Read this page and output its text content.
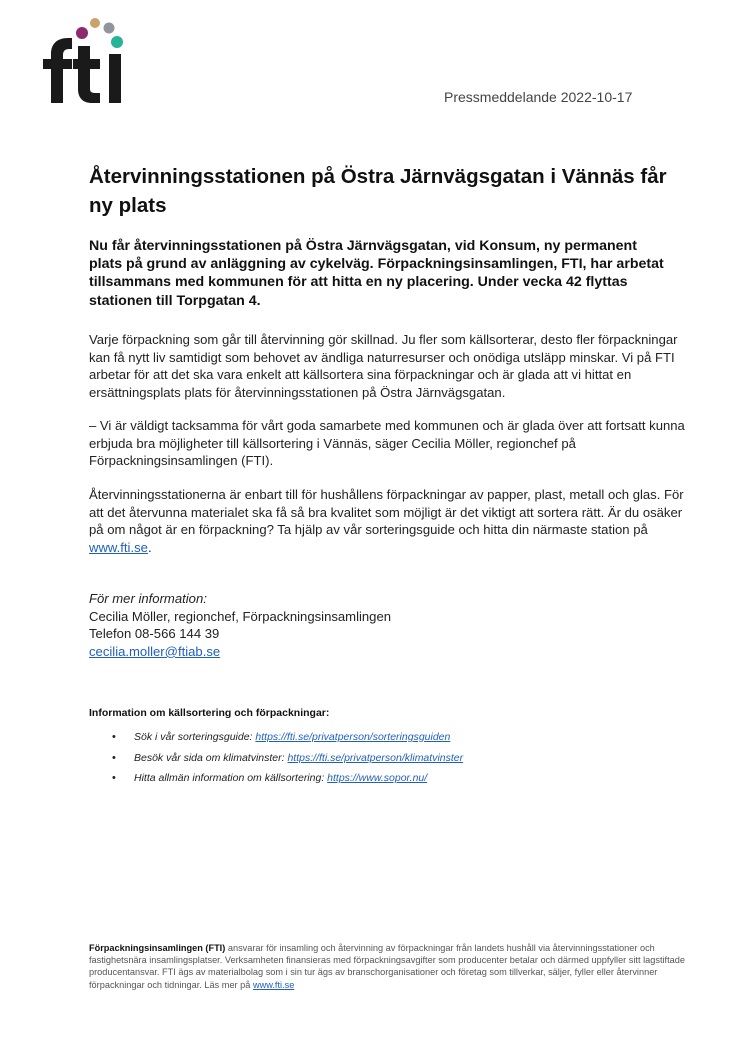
Pressmeddelande 2022-10-17
Återvinningsstationen på Östra Järnvägsgatan i Vännäs får ny plats

Nu får återvinningsstationen på Östra Järnvägsgatan, vid Konsum, ny permanent plats på grund av anläggning av cykelväg. Förpackningsinsamlingen, FTI, har arbetat tillsammans med kommunen för att hitta en ny placering. Under vecka 42 flyttas stationen till Torpgatan 4.

Varje förpackning som går till återvinning gör skillnad. Ju fler som källsorterar, desto fler förpackningar kan få nytt liv samtidigt som behovet av ändliga naturresurser och onödiga utsläpp minskar. Vi på FTI arbetar för att det ska vara enkelt att källsortera sina förpackningar och är glada att vi hittat en ersättningsplats plats för återvinningsstationen på Östra Järnvägsgatan.

– Vi är väldigt tacksamma för vårt goda samarbete med kommunen och är glada över att fortsatt kunna erbjuda bra möjligheter till källsortering i Vännäs, säger Cecilia Möller, regionchef på Förpackningsinsamlingen (FTI).

Återvinningsstationerna är enbart till för hushållens förpackningar av papper, plast, metall och glas. För att det återvunna materialet ska få så bra kvalitet som möjligt är det viktigt att sortera rätt. Är du osäker på om något är en förpackning? Ta hjälp av vår sorteringsguide och hitta din närmaste station på www.fti.se.

För mer information:
Cecilia Möller, regionchef, Förpackningsinsamlingen
Telefon 08-566 144 39
cecilia.moller@ftiab.se
Information om källsortering och förpackningar:
• Sök i vår sorteringsguide: https://fti.se/privatperson/sorteringsguiden
• Besök vår sida om klimatvinster: https://fti.se/privatperson/klimatvinster
• Hitta allmän information om källsortering: https://www.sopor.nu/

Förpackningsinsamlingen (FTI) ansvarar för insamling och återvinning av förpackningar från landets hushåll via återvinningsstationer och fastighetsnära insamlingsplatser. Verksamheten finansieras med förpackningsavgifter som producenter betalar och därmed uppfyller sitt lagstiftade producentansvar. FTI ägs av materialbolag som i sin tur ägs av branschorganisationer och företag som tillverkar, säljer, fyller eller återvinner förpackningar och tidningar. Läs mer på www.fti.se
